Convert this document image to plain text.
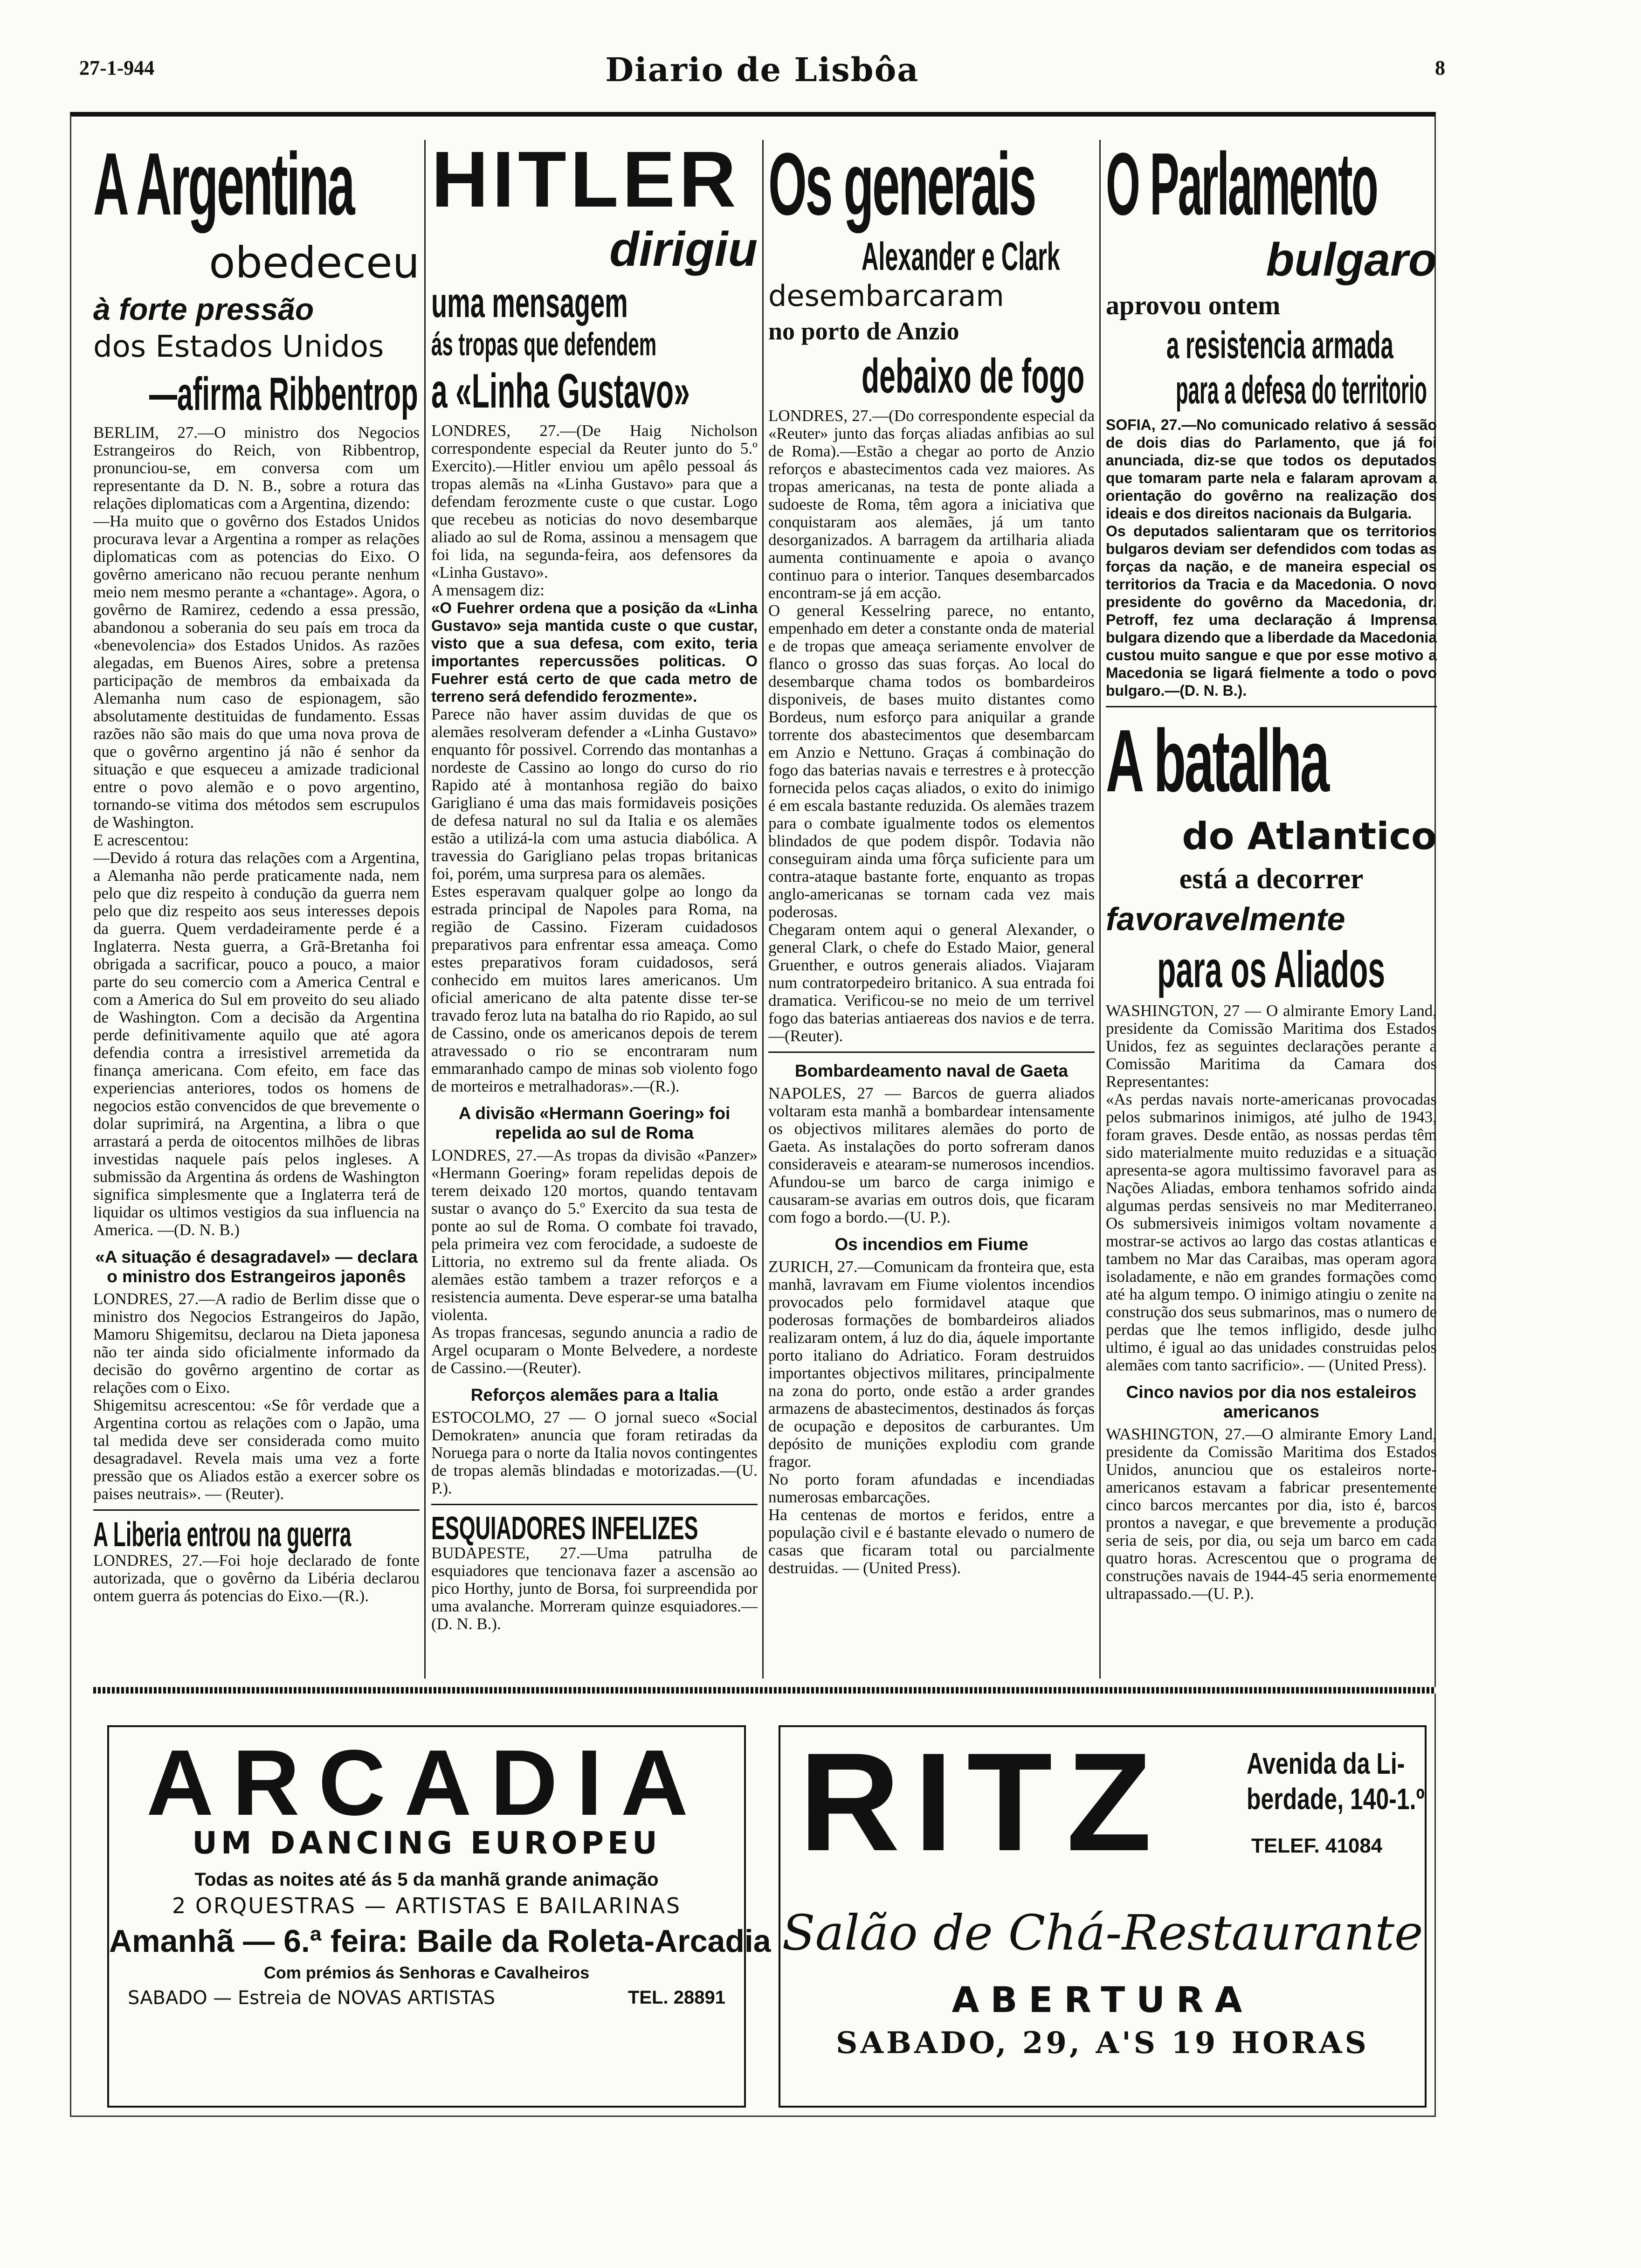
27-1-944	Diario de Lisbôa	8
A Argentina
obedeceu
à forte pressão
dos Estados Unidos
—afirma Ribbentrop

BERLIM, 27.—O ministro dos Negocios Estrangeiros do Reich, von Ribbentrop, pronunciou-se, em conversa com um representante da D. N. B., sobre a rotura das relações diplomaticas com a Argentina, dizendo:

—Ha muito que o govêrno dos Estados Unidos procurava levar a Argentina a romper as relações diplomaticas com as potencias do Eixo. O govêrno americano não recuou perante nenhum meio nem mesmo perante a «chantage». Agora, o govêrno de Ramirez, cedendo a essa pressão, abandonou a soberania do seu país em troca da «benevolencia» dos Estados Unidos. As razões alegadas, em Buenos Aires, sobre a pretensa participação de membros da embaixada da Alemanha num caso de espionagem, são absolutamente destituidas de fundamento. Essas razões não são mais do que uma nova prova de que o govêrno argentino já não é senhor da situação e que esqueceu a amizade tradicional entre o povo alemão e o povo argentino, tornando-se vitima dos métodos sem escrupulos de Washington.

E acrescentou:

—Devido á rotura das relações com a Argentina, a Alemanha não perde praticamente nada, nem pelo que diz respeito à condução da guerra nem pelo que diz respeito aos seus interesses depois da guerra. Quem verdadeiramente perde é a Inglaterra. Nesta guerra, a Grã-Bretanha foi obrigada a sacrificar, pouco a pouco, a maior parte do seu comercio com a America Central e com a America do Sul em proveito do seu aliado de Washington. Com a decisão da Argentina perde definitivamente aquilo que até agora defendia contra a irresistivel arremetida da finança americana. Com efeito, em face das experiencias anteriores, todos os homens de negocios estão convencidos de que brevemente o dolar suprimirá, na Argentina, a libra o que arrastará a perda de oitocentos milhões de libras investidas naquele país pelos ingleses. A submissão da Argentina ás ordens de Washington significa simplesmente que a Inglaterra terá de liquidar os ultimos vestigios da sua influencia na America. —(D. N. B.)

«A situação é desagradavel» — declara o ministro dos Estrangeiros japonês

LONDRES, 27.—A radio de Berlim disse que o ministro dos Negocios Estrangeiros do Japão, Mamoru Shigemitsu, declarou na Dieta japonesa não ter ainda sido oficialmente informado da decisão do govêrno argentino de cortar as relações com o Eixo.

Shigemitsu acrescentou: «Se fôr verdade que a Argentina cortou as relações com o Japão, uma tal medida deve ser considerada como muito desagradavel. Revela mais uma vez a forte pressão que os Aliados estão a exercer sobre os paises neutrais». — (Reuter).

A Liberia entrou na guerra

LONDRES, 27.—Foi hoje declarado de fonte autorizada, que o govêrno da Libéria declarou ontem guerra ás potencias do Eixo.—(R.).

HITLER
dirigiu
uma mensagem
ás tropas que defendem
a «Linha Gustavo»

LONDRES, 27.—(De Haig Nicholson correspondente especial da Reuter junto do 5.º Exercito).—Hitler enviou um apêlo pessoal ás tropas alemãs na «Linha Gustavo» para que a defendam ferozmente custe o que custar. Logo que recebeu as noticias do novo desembarque aliado ao sul de Roma, assinou a mensagem que foi lida, na segunda-feira, aos defensores da «Linha Gustavo».

A mensagem diz:

«O Fuehrer ordena que a posição da «Linha Gustavo» seja mantida custe o que custar, visto que a sua defesa, com exito, teria importantes repercussões politicas. O Fuehrer está certo de que cada metro de terreno será defendido ferozmente».

Parece não haver assim duvidas de que os alemães resolveram defender a «Linha Gustavo» enquanto fôr possivel. Correndo das montanhas a nordeste de Cassino ao longo do curso do rio Rapido até à montanhosa região do baixo Garigliano é uma das mais formidaveis posições de defesa natural no sul da Italia e os alemães estão a utilizá-la com uma astucia diabólica. A travessia do Garigliano pelas tropas britanicas foi, porém, uma surpresa para os alemães.

Estes esperavam qualquer golpe ao longo da estrada principal de Napoles para Roma, na região de Cassino. Fizeram cuidadosos preparativos para enfrentar essa ameaça. Como estes preparativos foram cuidadosos, será conhecido em muitos lares americanos. Um oficial americano de alta patente disse ter-se travado feroz luta na batalha do rio Rapido, ao sul de Cassino, onde os americanos depois de terem atravessado o rio se encontraram num emmaranhado campo de minas sob violento fogo de morteiros e metralhadoras».—(R.).

A divisão «Hermann Goering» foi repelida ao sul de Roma

LONDRES, 27.—As tropas da divisão «Panzer» «Hermann Goering» foram repelidas depois de terem deixado 120 mortos, quando tentavam sustar o avanço do 5.º Exercito da sua testa de ponte ao sul de Roma. O combate foi travado, pela primeira vez com ferocidade, a sudoeste de Littoria, no extremo sul da frente aliada. Os alemães estão tambem a trazer reforços e a resistencia aumenta. Deve esperar-se uma batalha violenta.

As tropas francesas, segundo anuncia a radio de Argel ocuparam o Monte Belvedere, a nordeste de Cassino.—(Reuter).

Reforços alemães para a Italia

ESTOCOLMO, 27 — O jornal sueco «Social Demokraten» anuncia que foram retiradas da Noruega para o norte da Italia novos contingentes de tropas alemãs blindadas e motorizadas.—(U. P.).

ESQUIADORES INFELIZES

BUDAPESTE, 27.—Uma patrulha de esquiadores que tencionava fazer a ascensão ao pico Horthy, junto de Borsa, foi surpreendida por uma avalanche. Morreram quinze esquiadores.—(D. N. B.).

Os generais
Alexander e Clark
desembarcaram
no porto de Anzio
debaixo de fogo

LONDRES, 27.—(Do correspondente especial da «Reuter» junto das forças aliadas anfibias ao sul de Roma).—Estão a chegar ao porto de Anzio reforços e abastecimentos cada vez maiores. As tropas americanas, na testa de ponte aliada a sudoeste de Roma, têm agora a iniciativa que conquistaram aos alemães, já um tanto desorganizados. A barragem da artilharia aliada aumenta continuamente e apoia o avanço continuo para o interior. Tanques desembarcados encontram-se já em acção.

O general Kesselring parece, no entanto, empenhado em deter a constante onda de material e de tropas que ameaça seriamente envolver de flanco o grosso das suas forças. Ao local do desembarque chama todos os bombardeiros disponiveis, de bases muito distantes como Bordeus, num esforço para aniquilar a grande torrente dos abastecimentos que desembarcam em Anzio e Nettuno. Graças á combinação do fogo das baterias navais e terrestres e à protecção fornecida pelos caças aliados, o exito do inimigo é em escala bastante reduzida. Os alemães trazem para o combate igualmente todos os elementos blindados de que podem dispôr. Todavia não conseguiram ainda uma fôrça suficiente para um contra-ataque bastante forte, enquanto as tropas anglo-americanas se tornam cada vez mais poderosas.

Chegaram ontem aqui o general Alexander, o general Clark, o chefe do Estado Maior, general Gruenther, e outros generais aliados. Viajaram num contratorpedeiro britanico. A sua entrada foi dramatica. Verificou-se no meio de um terrivel fogo das baterias antiaereas dos navios e de terra.—(Reuter).

Bombardeamento naval de Gaeta

NAPOLES, 27 — Barcos de guerra aliados voltaram esta manhã a bombardear intensamente os objectivos militares alemães do porto de Gaeta. As instalações do porto sofreram danos consideraveis e atearam-se numerosos incendios. Afundou-se um barco de carga inimigo e causaram-se avarias em outros dois, que ficaram com fogo a bordo.—(U. P.).

Os incendios em Fiume

ZURICH, 27.—Comunicam da fronteira que, esta manhã, lavravam em Fiume violentos incendios provocados pelo formidavel ataque que poderosas formações de bombardeiros aliados realizaram ontem, á luz do dia, áquele importante porto italiano do Adriatico. Foram destruidos importantes objectivos militares, principalmente na zona do porto, onde estão a arder grandes armazens de abastecimentos, destinados ás forças de ocupação e depositos de carburantes. Um depósito de munições explodiu com grande fragor.

No porto foram afundadas e incendiadas numerosas embarcações.

Ha centenas de mortos e feridos, entre a população civil e é bastante elevado o numero de casas que ficaram total ou parcialmente destruidas. — (United Press).

O Parlamento
bulgaro
aprovou ontem
a resistencia armada
para a defesa do territorio

SOFIA, 27.—No comunicado relativo á sessão de dois dias do Parlamento, que já foi anunciada, diz-se que todos os deputados que tomaram parte nela e falaram aprovam a orientação do govêrno na realização dos ideais e dos direitos nacionais da Bulgaria.

Os deputados salientaram que os territorios bulgaros deviam ser defendidos com todas as forças da nação, e de maneira especial os territorios da Tracia e da Macedonia. O novo presidente do govêrno da Macedonia, dr. Petroff, fez uma declaração á Imprensa bulgara dizendo que a liberdade da Macedonia custou muito sangue e que por esse motivo a Macedonia se ligará fielmente a todo o povo bulgaro.—(D. N. B.).

A batalha
do Atlantico
está a decorrer
favoravelmente
para os Aliados

WASHINGTON, 27 — O almirante Emory Land, presidente da Comissão Maritima dos Estados Unidos, fez as seguintes declarações perante a Comissão Maritima da Camara dos Representantes:

«As perdas navais norte-americanas provocadas pelos submarinos inimigos, até julho de 1943, foram graves. Desde então, as nossas perdas têm sido materialmente muito reduzidas e a situação apresenta-se agora multissimo favoravel para as Nações Aliadas, embora tenhamos sofrido ainda algumas perdas sensiveis no mar Mediterraneo. Os submersiveis inimigos voltam novamente a mostrar-se activos ao largo das costas atlanticas e tambem no Mar das Caraibas, mas operam agora isoladamente, e não em grandes formações como até ha algum tempo. O inimigo atingiu o zenite na construção dos seus submarinos, mas o numero de perdas que lhe temos infligido, desde julho ultimo, é igual ao das unidades construidas pelos alemães com tanto sacrificio». — (United Press).

Cinco navios por dia nos estaleiros americanos

WASHINGTON, 27.—O almirante Emory Land, presidente da Comissão Maritima dos Estados Unidos, anunciou que os estaleiros norte-americanos estavam a fabricar presentemente cinco barcos mercantes por dia, isto é, barcos prontos a navegar, e que brevemente a produção seria de seis, por dia, ou seja um barco em cada quatro horas. Acrescentou que o programa de construções navais de 1944-45 seria enormemente ultrapassado.—(U. P.).

ARCADIA
UM DANCING EUROPEU
Todas as noites até ás 5 da manhã grande animação
2 ORQUESTRAS — ARTISTAS E BAILARINAS
Amanhã — 6.ª feira: Baile da Roleta-Arcadia
Com prémios ás Senhoras e Cavalheiros
SABADO — Estreia de NOVAS ARTISTAS	TEL. 28891
RITZ	Avenida da Li-
berdade, 140-1.º
TELEF. 41084
Salão de Chá-Restaurante
ABERTURA
SABADO, 29, A'S 19 HORAS
